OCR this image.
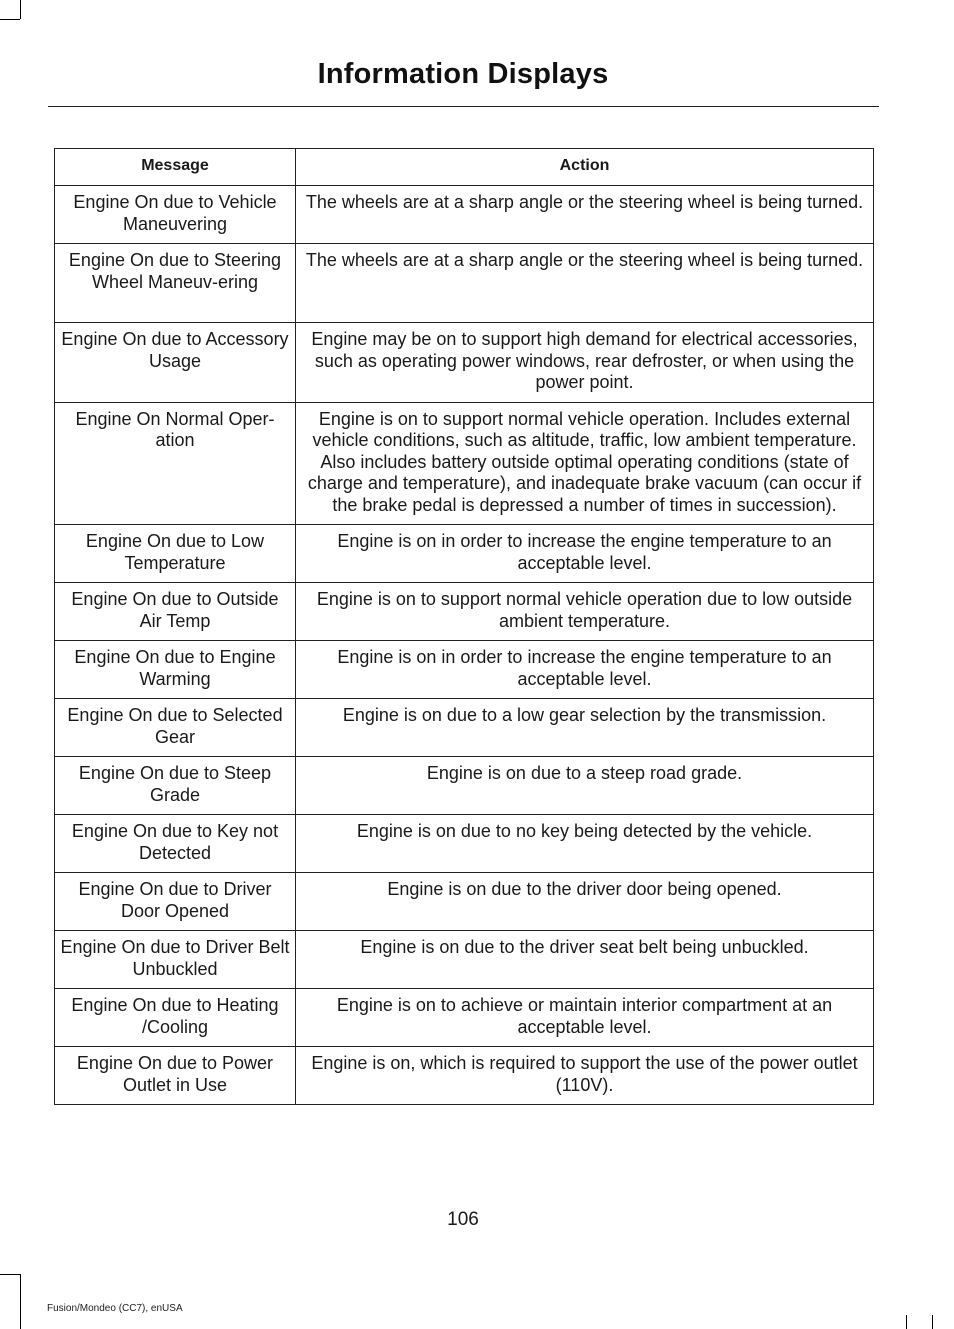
Information Displays
Message	Action
Engine On due to Vehicle Maneuvering	The wheels are at a sharp angle or the steering wheel is being turned.
Engine On due to Steering Wheel Maneuv-ering	The wheels are at a sharp angle or the steering wheel is being turned.
Engine On due to Accessory Usage	Engine may be on to support high demand for electrical accessories, such as operating power windows, rear defroster, or when using the power point.
Engine On Normal Oper-ation	Engine is on to support normal vehicle operation. Includes external vehicle conditions, such as altitude, traffic, low ambient temperature. Also includes battery outside optimal operating conditions (state of charge and temperature), and inadequate brake vacuum (can occur if the brake pedal is depressed a number of times in succession).
Engine On due to Low Temperature	Engine is on in order to increase the engine temperature to an acceptable level.
Engine On due to Outside Air Temp	Engine is on to support normal vehicle operation due to low outside ambient temperature.
Engine On due to Engine Warming	Engine is on in order to increase the engine temperature to an acceptable level.
Engine On due to Selected Gear	Engine is on due to a low gear selection by the transmission.
Engine On due to Steep Grade	Engine is on due to a steep road grade.
Engine On due to Key not Detected	Engine is on due to no key being detected by the vehicle.
Engine On due to Driver Door Opened	Engine is on due to the driver door being opened.
Engine On due to Driver Belt Unbuckled	Engine is on due to the driver seat belt being unbuckled.
Engine On due to Heating /Cooling	Engine is on to achieve or maintain interior compartment at an acceptable level.
Engine On due to Power Outlet in Use	Engine is on, which is required to support the use of the power outlet (110V).
106
Fusion/Mondeo (CC7), enUSA
